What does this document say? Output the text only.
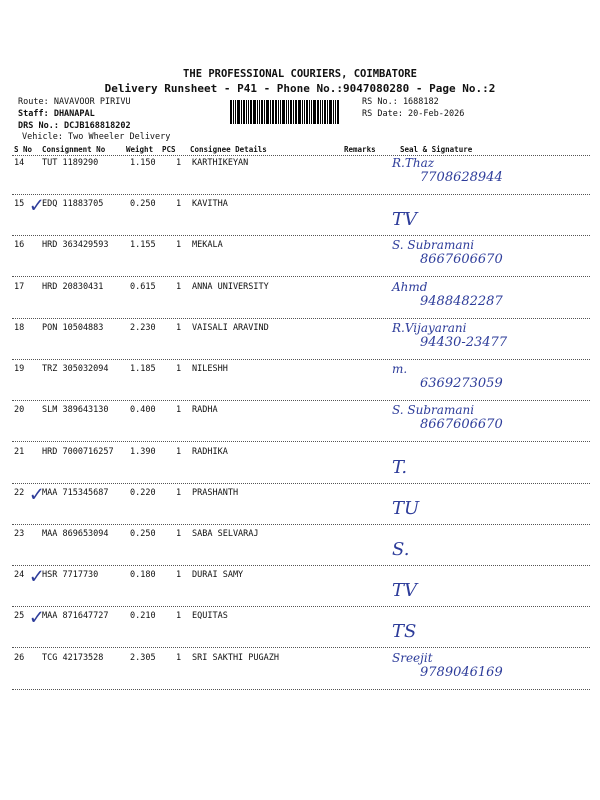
THE PROFESSIONAL COURIERS, COIMBATORE
Delivery Runsheet - P41 - Phone No.:9047080280 - Page No.:2
Route: NAVAVOOR PIRIVU
Staff: DHANAPAL
DRS No.: DCJB168818202
Vehicle: Two Wheeler Delivery
RS No.: 1688182
RS Date: 20-Feb-2026
S No Consignment No	Weight PCS Consignee Details	Remarks	Seal & Signature
14 TUT 1189290	1.150 1 KARTHIKEYAN	R.Thaz
7708628944
15 EDQ 11883705	0.250 1 KAVITHA
TV
✓
16 HRD 363429593	1.155 1 MEKALA	S. Subramani
8667606670
17 HRD 20830431	0.615 1 ANNA UNIVERSITY	Ahmd
9488482287
18 PON 10504883	2.230 1 VAISALI ARAVIND	R.Vijayarani
94430-23477
19 TRZ 305032094	1.185 1 NILESHH	m.
6369273059
20 SLM 389643130	0.400 1 RADHA	S. Subramani
8667606670
21 HRD 7000716257 1.390 1 RADHIKA
T.
22 MAA 715345687	0.220 1 PRASHANTH
TU
✓
23 MAA 869653094	0.250 1 SABA SELVARAJ
S.
24 HSR 7717730	0.180 1 DURAI SAMY
TV
✓
25 MAA 871647727	0.210 1 EQUITAS
TS
✓
26 TCG 42173528	2.305 1 SRI SAKTHI PUGAZH	Sreejit
9789046169
